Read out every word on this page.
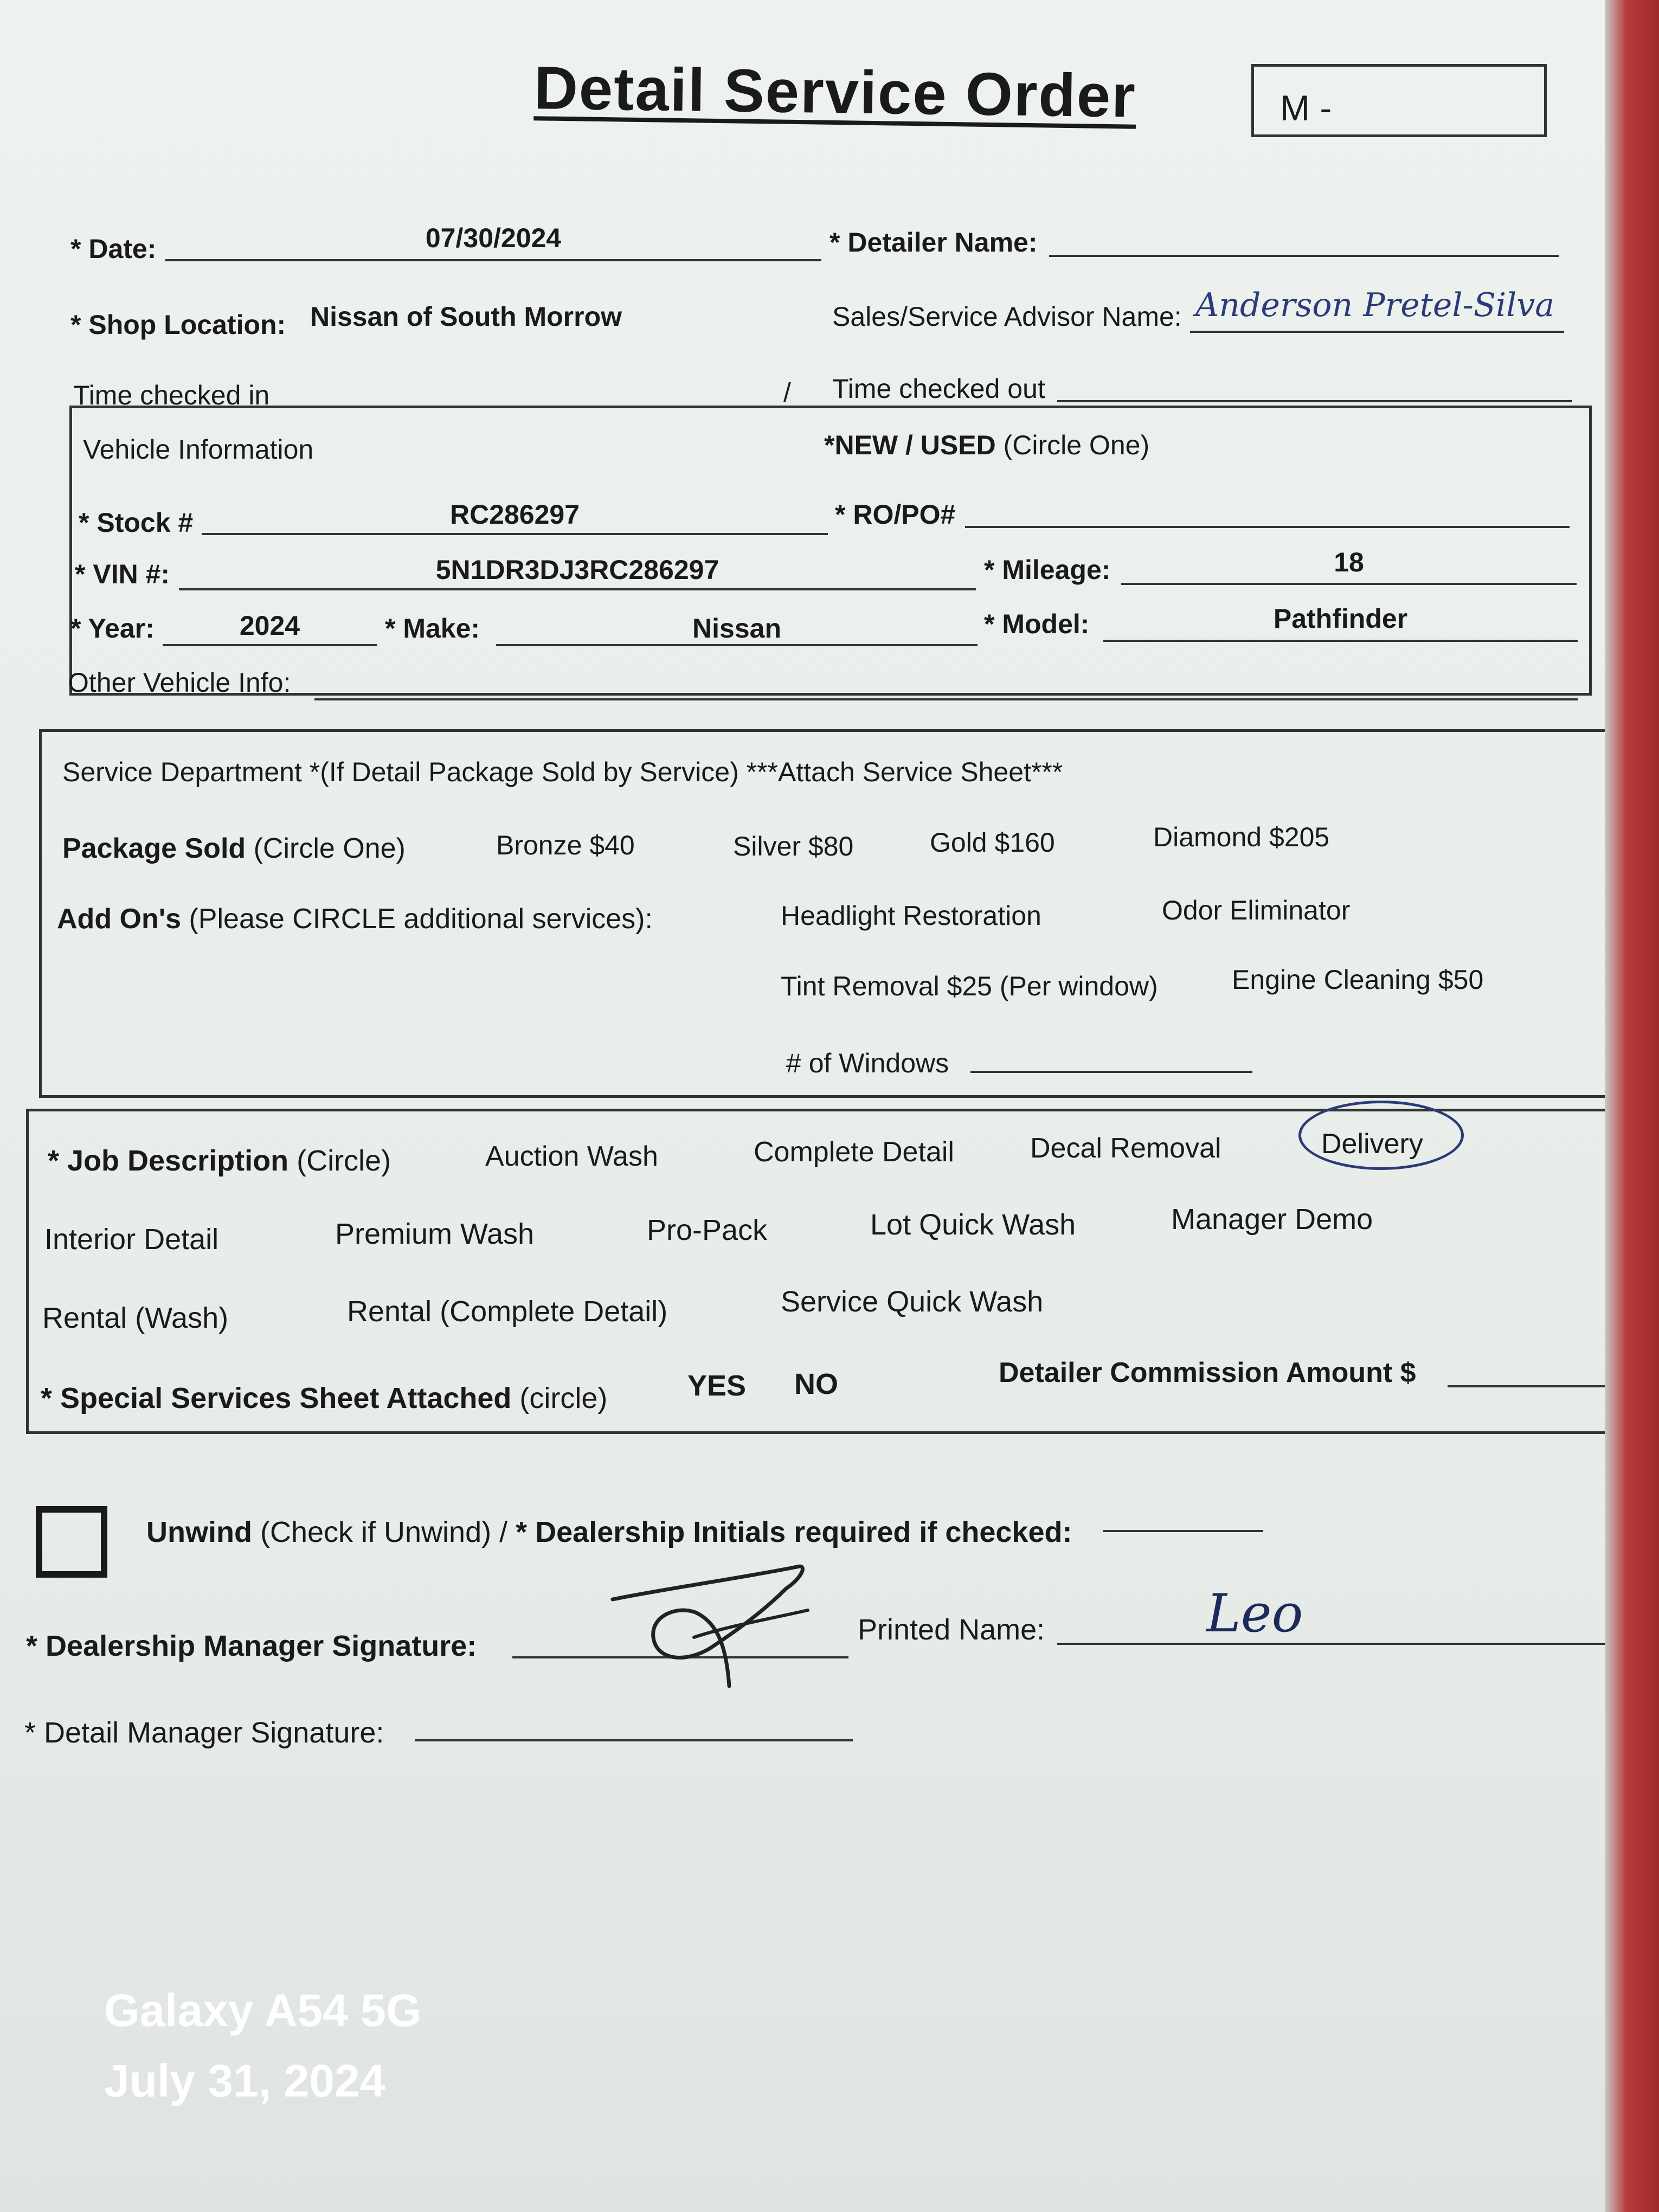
Detail Service Order	M -
* Date:	07/30/2024	* Detailer Name:
* Shop Location: Nissan of South Morrow	Sales/Service Advisor Name: Anderson Pretel-Silva
Time checked in	/ Time checked out
Vehicle Information	*NEW / USED (Circle One)
* Stock #	RC286297	* RO/PO#
* VIN #:	5N1DR3DJ3RC286297	* Mileage:	18
* Year:	2024	* Make:	Nissan	* Model:	Pathfinder
Other Vehicle Info:
Service Department *(If Detail Package Sold by Service) ***Attach Service Sheet***
Package Sold (Circle One)	Bronze $40	Silver $80	Gold $160	Diamond $205
Add On's (Please CIRCLE additional services):	Headlight Restoration	Odor Eliminator
Tint Removal $25 (Per window)	Engine Cleaning $50
# of Windows
* Job Description (Circle)	Auction Wash	Complete Detail	Decal Removal	Delivery
Interior Detail	Premium Wash	Pro-Pack	Lot Quick Wash	Manager Demo
Rental (Wash)	Rental (Complete Detail)	Service Quick Wash
* Special Services Sheet Attached (circle)	YES NO	Detailer Commission Amount $
Unwind (Check if Unwind) / * Dealership Initials required if checked:
* Dealership Manager Signature:	Printed Name:	Leo
* Detail Manager Signature:
Galaxy A54 5G
July 31, 2024
